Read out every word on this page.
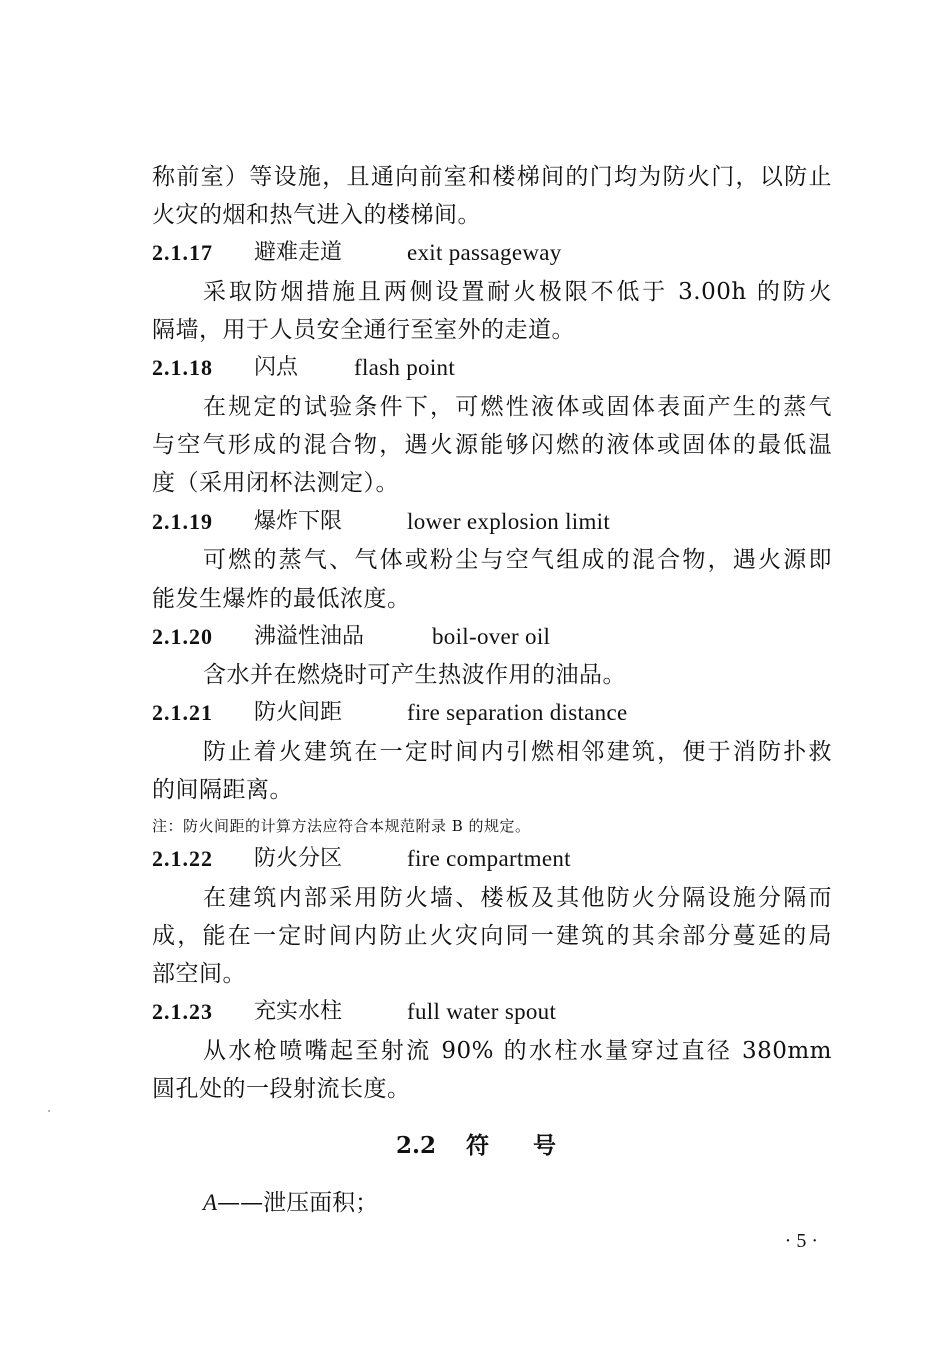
称前室）等设施，且通向前室和楼梯间的门均为防火门，以防止
火灾的烟和热气进入的楼梯间。
2.1.17 避难走道	exit passageway
采取防烟措施且两侧设置耐火极限不低于 3.00h 的防火
隔墙，用于人员安全通行至室外的走道。
2.1.18 闪点 flash point
在规定的试验条件下，可燃性液体或固体表面产生的蒸气
与空气形成的混合物，遇火源能够闪燃的液体或固体的最低温
度（采用闭杯法测定）。
2.1.19 爆炸下限	lower explosion limit
可燃的蒸气、气体或粉尘与空气组成的混合物，遇火源即
能发生爆炸的最低浓度。
2.1.20 沸溢性油品	boil-over oil
含水并在燃烧时可产生热波作用的油品。
2.1.21 防火间距	fire separation distance
防止着火建筑在一定时间内引燃相邻建筑，便于消防扑救
的间隔距离。
注：防火间距的计算方法应符合本规范附录 B 的规定。
2.1.22 防火分区	fire compartment
在建筑内部采用防火墙、楼板及其他防火分隔设施分隔而
成，能在一定时间内防止火灾向同一建筑的其余部分蔓延的局
部空间。
2.1.23 充实水柱	full water spout
从水枪喷嘴起至射流 90% 的水柱水量穿过直径 380mm
圆孔处的一段射流长度。
2.2 符 号
A——泄压面积；
· 5 ·
